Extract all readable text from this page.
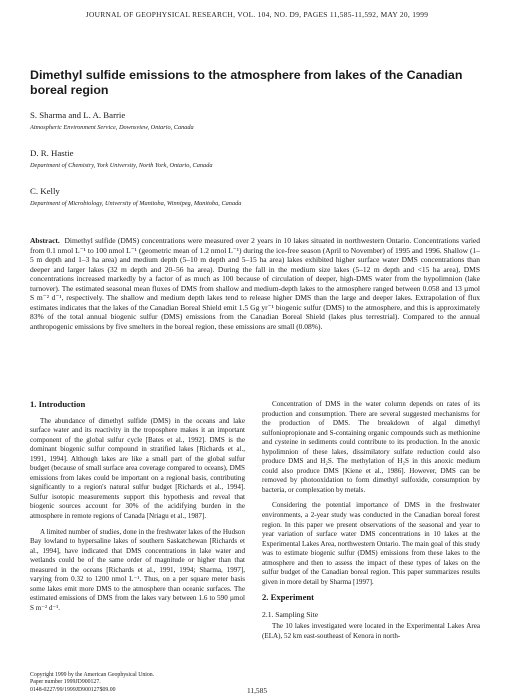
JOURNAL OF GEOPHYSICAL RESEARCH, VOL. 104, NO. D9, PAGES 11,585-11,592, MAY 20, 1999
Dimethyl sulfide emissions to the atmosphere from lakes of the Canadian boreal region
S. Sharma and L. A. Barrie
Atmospheric Environment Service, Downsview, Ontario, Canada
D. R. Hastie
Department of Chemistry, York University, North York, Ontario, Canada
C. Kelly
Department of Microbiology, University of Manitoba, Winnipeg, Manitoba, Canada

Abstract. Dimethyl sulfide (DMS) concentrations were measured over 2 years in 10 lakes situated in northwestern Ontario. Concentrations varied from 0.1 nmol L⁻¹ to 100 nmol L⁻¹ (geometric mean of 1.2 nmol L⁻¹) during the ice-free season (April to November) of 1995 and 1996. Shallow (1–5 m depth and 1–3 ha area) and medium depth (5–10 m depth and 5–15 ha area) lakes exhibited higher surface water DMS concentrations than deeper and larger lakes (32 m depth and 20–56 ha area). During the fall in the medium size lakes (5–12 m depth and <15 ha area), DMS concentrations increased markedly by a factor of as much as 100 because of circulation of deeper, high-DMS water from the hypolimnion (lake turnover). The estimated seasonal mean fluxes of DMS from shallow and medium-depth lakes to the atmosphere ranged between 0.058 and 13 µmol S m⁻² d⁻¹, respectively. The shallow and medium depth lakes tend to release higher DMS than the large and deeper lakes. Extrapolation of flux estimates indicates that the lakes of the Canadian Boreal Shield emit 1.5 Gg yr⁻¹ biogenic sulfur (DMS) to the atmosphere, and this is approximately 83% of the total annual biogenic sulfur (DMS) emissions from the Canadian Boreal Shield (lakes plus terrestrial). Compared to the annual anthropogenic emissions by five smelters in the boreal region, these emissions are small (0.08%).

1. Introduction

The abundance of dimethyl sulfide (DMS) in the oceans and lake surface water and its reactivity in the troposphere makes it an important component of the global sulfur cycle [Bates et al., 1992]. DMS is the dominant biogenic sulfur compound in stratified lakes [Richards et al., 1991, 1994]. Although lakes are like a small part of the global sulfur budget (because of small surface area coverage compared to oceans), DMS emissions from lakes could be important on a regional basis, contributing significantly to a region's natural sulfur budget [Richards et al., 1994]. Sulfur isotopic measurements support this hypothesis and reveal that biogenic sources account for 30% of the acidifying burden in the atmosphere in remote regions of Canada [Nriagu et al., 1987].

A limited number of studies, done in the freshwater lakes of the Hudson Bay lowland to hypersaline lakes of southern Saskatchewan [Richards et al., 1994], have indicated that DMS concentrations in lake water and wetlands could be of the same order of magnitude or higher than that measured in the oceans [Richards et al., 1991, 1994; Sharma, 1997], varying from 0.32 to 1200 nmol L⁻¹. Thus, on a per square meter basis some lakes emit more DMS to the atmosphere than oceanic surfaces. The estimated emissions of DMS from the lakes vary between 1.6 to 590 µmol S m⁻² d⁻¹.

Concentration of DMS in the water column depends on rates of its production and consumption. There are several suggested mechanisms for the production of DMS. The breakdown of algal dimethyl sulfoniopropionate and S-containing organic compounds such as methionine and cysteine in sediments could contribute to its production. In the anoxic hypolimnion of these lakes, dissimilatory sulfate reduction could also produce DMS and H₂S. The methylation of H₂S in this anoxic medium could also produce DMS [Kiene et al., 1986]. However, DMS can be removed by photooxidation to form dimethyl sulfoxide, consumption by bacteria, or complexation by metals.

Considering the potential importance of DMS in the freshwater environments, a 2-year study was conducted in the Canadian boreal forest region. In this paper we present observations of the seasonal and year to year variation of surface water DMS concentrations in 10 lakes at the Experimental Lakes Area, northwestern Ontario. The main goal of this study was to estimate biogenic sulfur (DMS) emissions from these lakes to the atmosphere and then to assess the impact of these types of lakes on the sulfur budget of the Canadian boreal region. This paper summarizes results given in more detail by Sharma [1997].

2. Experiment
2.1. Sampling Site

The 10 lakes investigated were located in the Experimental Lakes Area (ELA), 52 km east-southeast of Kenora in north-

Copyright 1999 by the American Geophysical Union.
Paper number 1999JD900127.
0148-0227/99/1999JD900127$09.00	11,585
